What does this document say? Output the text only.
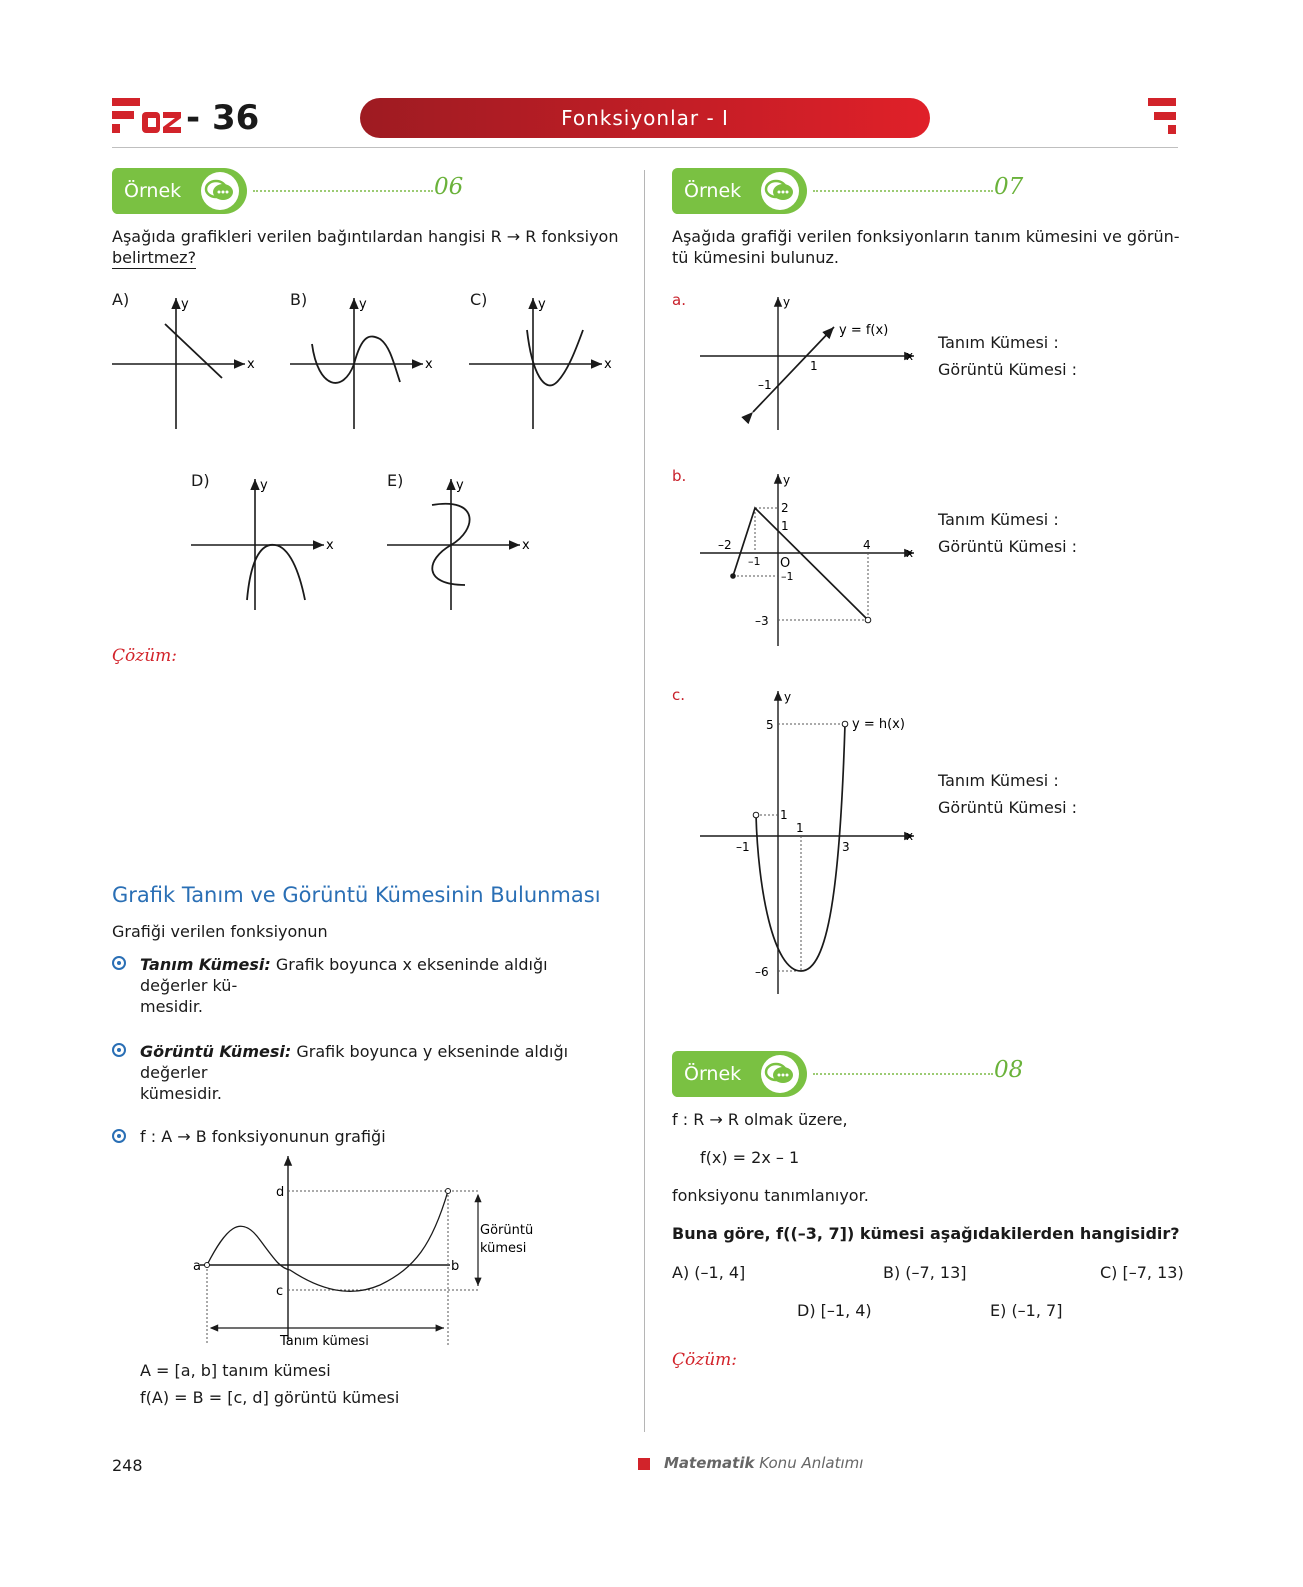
- 36	Fonksiyonlar - I
Örnek	06
Aşağıda grafikleri verilen bağıntılardan hangisi R → R fonksiyon
belirtmez?
A)	B)	C)
D)	E)
x
y
x
y
x
y
x
y
x
y
Çözüm:
Grafik Tanım ve Görüntü Kümesinin Bulunması
Grafiği verilen fonksiyonun
Tanım Kümesi: Grafik boyunca x ekseninde aldığı değerler kü-
mesidir.
Görüntü Kümesi: Grafik boyunca y ekseninde aldığı değerler
kümesidir.
f : A → B fonksiyonunun grafiği
a	b
c
d
Görüntü
kümesi
Tanım kümesi
A = [a, b] tanım kümesi
f(A) = B = [c, d] görüntü kümesi
Örnek	07
Aşağıda grafiği verilen fonksiyonların tanım kümesini ve görün-
tü kümesini bulunuz.
a.
x
y
1
–1
y = f(x)
Tanım Kümesi :
Görüntü Kümesi :
b.
x
y
2
1
–2
–1 O
–1
4
–3
Tanım Kümesi :
Görüntü Kümesi :
c.
x
y
5
1
1
–1	3
–6
y = h(x)
Tanım Kümesi :
Görüntü Kümesi :
Örnek	08
f : R → R olmak üzere,
f(x) = 2x – 1
fonksiyonu tanımlanıyor.
Buna göre, f((–3, 7]) kümesi aşağıdakilerden hangisidir?
A) (–1, 4]	B) (–7, 13]	C) [–7, 13)
D) [–1, 4)	E) (–1, 7]
Çözüm:
248	Matematik Konu Anlatımı
